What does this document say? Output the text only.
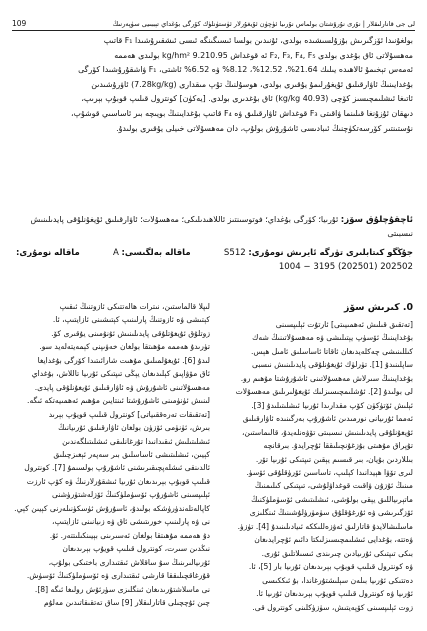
لى جى قانارلىقلار | نۇرى نۇرۇشتان بولماس نۇرىيا ئۈچۈن ئۇيغۇرلار ئۈستۈنلۈك كۆرگى بۇغداي تېببىيى سۈپەرنىڭ
109

بولغۇنىدا ئۆزگىرىش بۇزۇلسىشىدە بولدى، ئۇنىدىن بولسا ئىسىگىنگە ئىسى ئىشقىرۇشىدا F₁ قاتىپ

مەھسۇلاتى ئاق بۇغدى بولدى F₂, F₃, F₄, F₅ ئە قوغداش 9.210.95 kg/hm² بولىدى ھەممە

ئەمەس تېخىمۇ ئالاھىدە يىلىك 21.64%، 12.52%، 8.12% ۋە 6.52% ئاشتى، F₁ ۋاشقۇرۇشىدا كۆرگى

بۇغدايىنىڭ ئاۋارقىلىق ئۇيغۇرلىمۇ يۇقىرى بولدى، ھوسۇلنىڭ تۇپ مىقدارى (7.28kg/kg) ئاۋرۇشىدىن

ئاتىغا ئىشلىمچىسىز كۆچى (40.93 kg/kg) ئاق بۇغدىرى بولدى. [يەكۈن] كونترول قىلىپ قوبۇپ بېرىپ،

دىھقان ئۇزۇنغا قىلىنما ۋاقىتى F₃ قوغداش ئاۋارقىلىق ۋە F₄ قاتىپ بۇغدايىنىڭ بويىچە بىر ئاساسىي قوشۇپ،

نۇستىنتىر كۆرسەتكۈچنىڭ ئىبادىسى ئاشۇرۇش بولۇپ، دان مەھسۇلاتى خىيلى يۇقىرى بولىدۇ.

ئاچقۇچلۇق سۆز: ئۇرىيا؛ كۆرگى بۇغداي؛ فوتوسىنتىز ئاللاھىدىلىكى؛ مەھسۇلات؛ ئاۋارقىلىق ئۇيغۇنلۇقى پايدىلىنىش نىسبىتى
جۇڭگو كىتابلىرى تۈرگە ئايرىش نومۇرى: S512
ماقالە بەلگىسى: A
ماقالە نومۇرى:
1004 − 3195 (202501) 202502

0. كىرىش سۆز

[تەتقىق قىلىش ئەھمىيىتى] ئارتۇت ئېلىپسىنى

بۇغدايىنىڭ ئۆسۈپ يېتىلىشى ۋە مەھسۇلاتىنىڭ شەك

كىللىنىشى چەكلەيدىغان ئاقاتا ئاساسلىق ئامىل ھېس.

ساپلىنىدۇ [1]. تۈرلۈك ئۇيغۇنلۇقى پايدىلىنىش نىسبى

بۇغدايىنىڭ سىرلاش مەھسۇلاتىنى ئاشۇرۇشتا مۇھىم رو.

لى بولىدۇ [2]. ئۇشلىمچىسىزلىك ئۇيغۇلىرىلىق مەھسۇلات

ئېلىش ئۆتۈكۈن كۆپ مقدارىدا ئۇرىيا ئىشلىتىلىدۇ [3].

ئەمما ئۇرىيانى نورمىدىن ئاشۇرۇپ بەرگىنىدە ئاۋارقىلىق

ئۇيغۇنلۇقى پايدىلىنىش نىسبىتى تۆۋەنلەيدۇ، قالىماستىن،

تۇپراق مۇھىتى بۇزغۇنچىلىققا ئۇچرايدۇ. بىرقانچە

بىللاردىن بۇيان، بىر قىسىم يېقىن تىپتىكى ئۇرىيا تۆر.

لىرى تۆۋا ھېيدانىدا كېلىپ، تاساسىن ئۆرۈقلۇقى ئۆسۈ.

مىنىڭ ئۇزۇن ۋاقىت قوغداۋلۇشى، تىپتىكى كىلىمنىڭ

ماتېرىياللىق يېقى بولۇشى، ئىشلىتىشى ئۆسۈملۈكنىڭ

ئۆزگىرىشى ۋە ئۇرغۇقلۇق سۈمۈرۈلۇشىنىڭ ئىنگلىزى

ماسلىشالايدۇ قاتارلىق ئەۋزەللىككە ئىيادىلىنىدۇ [4]. تۈزۈ.

ۋەتتە، بۇغدايى ئىشلىمچىسىزلىكتا دائىم ئۇچرايدىغان

بىكى تىپتىكى ئۇرىيادىن چىرىندى ئىسىلاتلىق ئۇرى.

ۋە كونترول قىلىپ قوبۇپ بېرىدىغان ئۇرىيا بار [5]، ئا.

دەتتىكى ئۇرىيا بىلەن سېلىشتۇرغاندا، بۇ ئىككىسى

ئۇرىيا ۋە كونترول قىلىپ قويۇپ بېرىدىغان ئۇرىيا ئا.

زوت ئېلىپسىنى كۆپەيتىش، سۈزۈكلىنى كونترول قى.

لىپلا قالماستىن، نىترات ھالەتتىكى ئازوتنىڭ ئىقىپ

كېتىشى ۋە ئازوتنىڭ پارلىنىپ كېتىشىنى ئازايتىپ، ئا.

زوتلۇق ئۇيغۇتلۇقى پايدىلىنىش ئۇنۇمىنى يۇقىرى كۆ.

تۈرىدۇ ھەممە مۇھىتقا بولغان خەۋىپنى كېمەيتەلەيد سو.

لىدۇ [6]. ئۇيغۇلمىلىق مۇھىت شارائىتىدا كۆرگى بۇغدايغا

ئاق مۆۋاپىق كېلىدىغان يېڭى تىپتىكى ئۇرىيا تاللاش، بۇغداي

مەھسۇلاتىنى ئاشۇرۇش ۋە ئاۋارقىلىق ئۇيغۇنلۇقى پايدى.

لىنىش ئۈنۈمىنى ئاشۇرۇشتا ئىنتايىن مۇھىم ئەھمىيەتكە ئىگە.

[تەتقىقات تەرەققىياتى] كونترول قىلىپ قويۇپ بېرىد

بىرش، ئۈنۈمى ئۆزۈن بولغان ئاۋارقىلىق ئۇرىيانىڭ

ئىشلىتىلىش ئىقىدانىدا تۇرغانلىقى ئىشلىتىلگەندىن

كېيىن، ئىشلىتىشى ئاساسلىق بىر سەپەر ئېغىزچىلىق

ئالدىنقى ئىشلەپچىقىرىشنى ئاشۇرۇپ بولسىمۇ [7]. كونترول

قىلىپ قوبۇپ بېرىدىغان ئۇرىيا ئىشقۇرلارنىڭ ۋە كۆپ ئارزت

ئېلىپسىنى ئاشۇرۇپ ئۆسۈملۈكنىڭ ئۆزلەشتۈرۈشنى

كاپالەتلەندۈرۈشكە بولىدۇ، ئاسۇرۇش ئۈسكۈنىلەرنى كېيىن كېي.

نى ۋە پارلىنىپ خورىتىشى ئاق ۋە زىيانىنى ئازايتىپ،

دۇ ھەممە مۇھىتقا بولغان ئەسىرىنى بېيىنكىلىتتەر. ئۇ.

نىڭدىن سىرت، كونترول قىلىپ قويۇپ بېرىدىغان

ئۇرىيالىرىنىڭ سۇ ساقلاش ئىقتىدارى باختىكى بولۇپ،

قۇرغاقچىلىققا قارشى ئىقتىدارى ۋە ئۆسۈملۈكنىڭ ئۆسۈش.

نى ماسلاشتۇرىدىغان ئىنگلىزى سۈرئۇش رولىغا ئىگە [8].

چىن ئۇچچىلى قاتارلىقلار [9] ساق تەتقىقاتىدىن مەلۇم
